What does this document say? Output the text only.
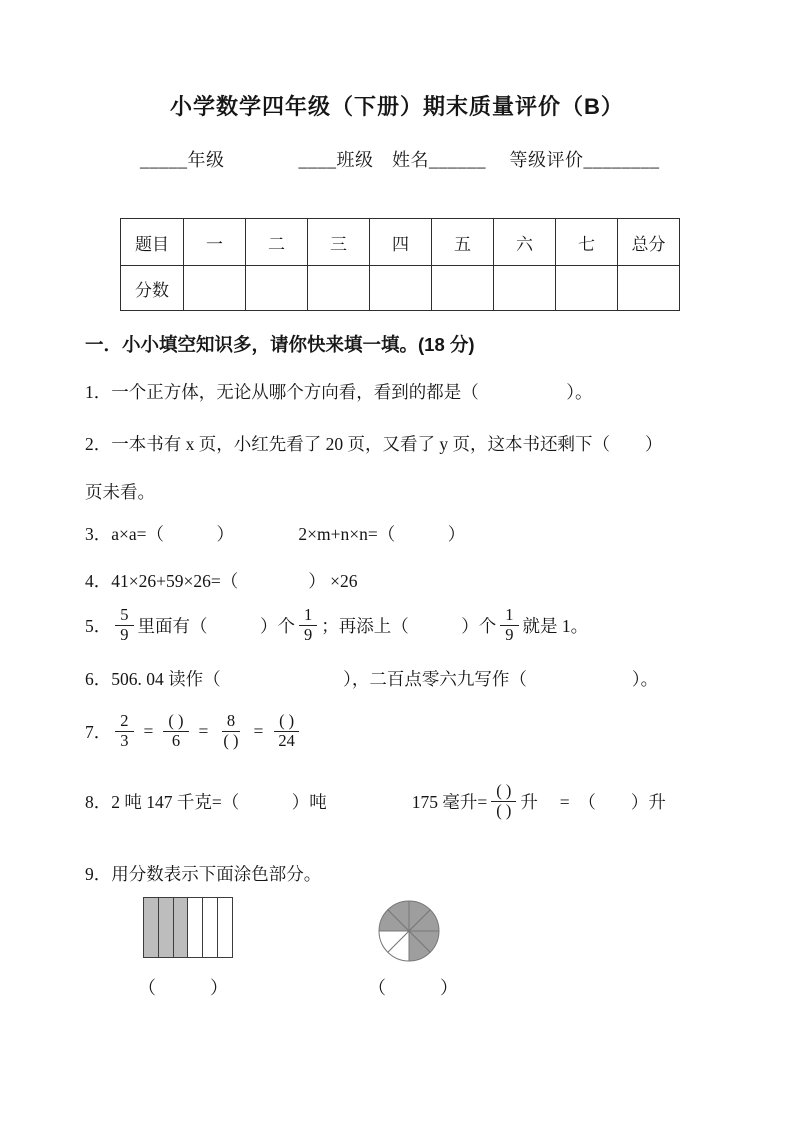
小学数学四年级（下册）期末质量评价（B）
_____年级　　　　____班级　姓名______　 等级评价________
题目	一	二	三	四	五	六	七	总分
分数								
一．小小填空知识多，请你快来填一填。(18 分)
1．一个正方体，无论从哪个方向看，看到的都是（　　　　　）。
2．一本书有 x 页，小红先看了 20 页，又看了 y 页，这本书还剩下（　　）
页未看。
3．a×a=（　　　）	2×m+n×n=（　　　）
4．41×26+59×26=（　　　　） ×26
5． $\frac{5}{9}$ 里面有（　　　）个 $\frac{1}{9}$ ；再添上（　　　）个 $\frac{1}{9}$ 就是 1。
6．506. 04 读作（　　　　　　　），二百点零六九写作（　　　　　　）。
7． $\frac{2}{3} = \frac{( )}{6} = \frac{8}{( )} = \frac{( )}{24}$
8．2 吨 147 千克=（　　　）吨	175 毫升= $\frac{( )}{( )}$ 升　 =　（　　）升
9．用分数表示下面涂色部分。
（　　　）	（　　　）
